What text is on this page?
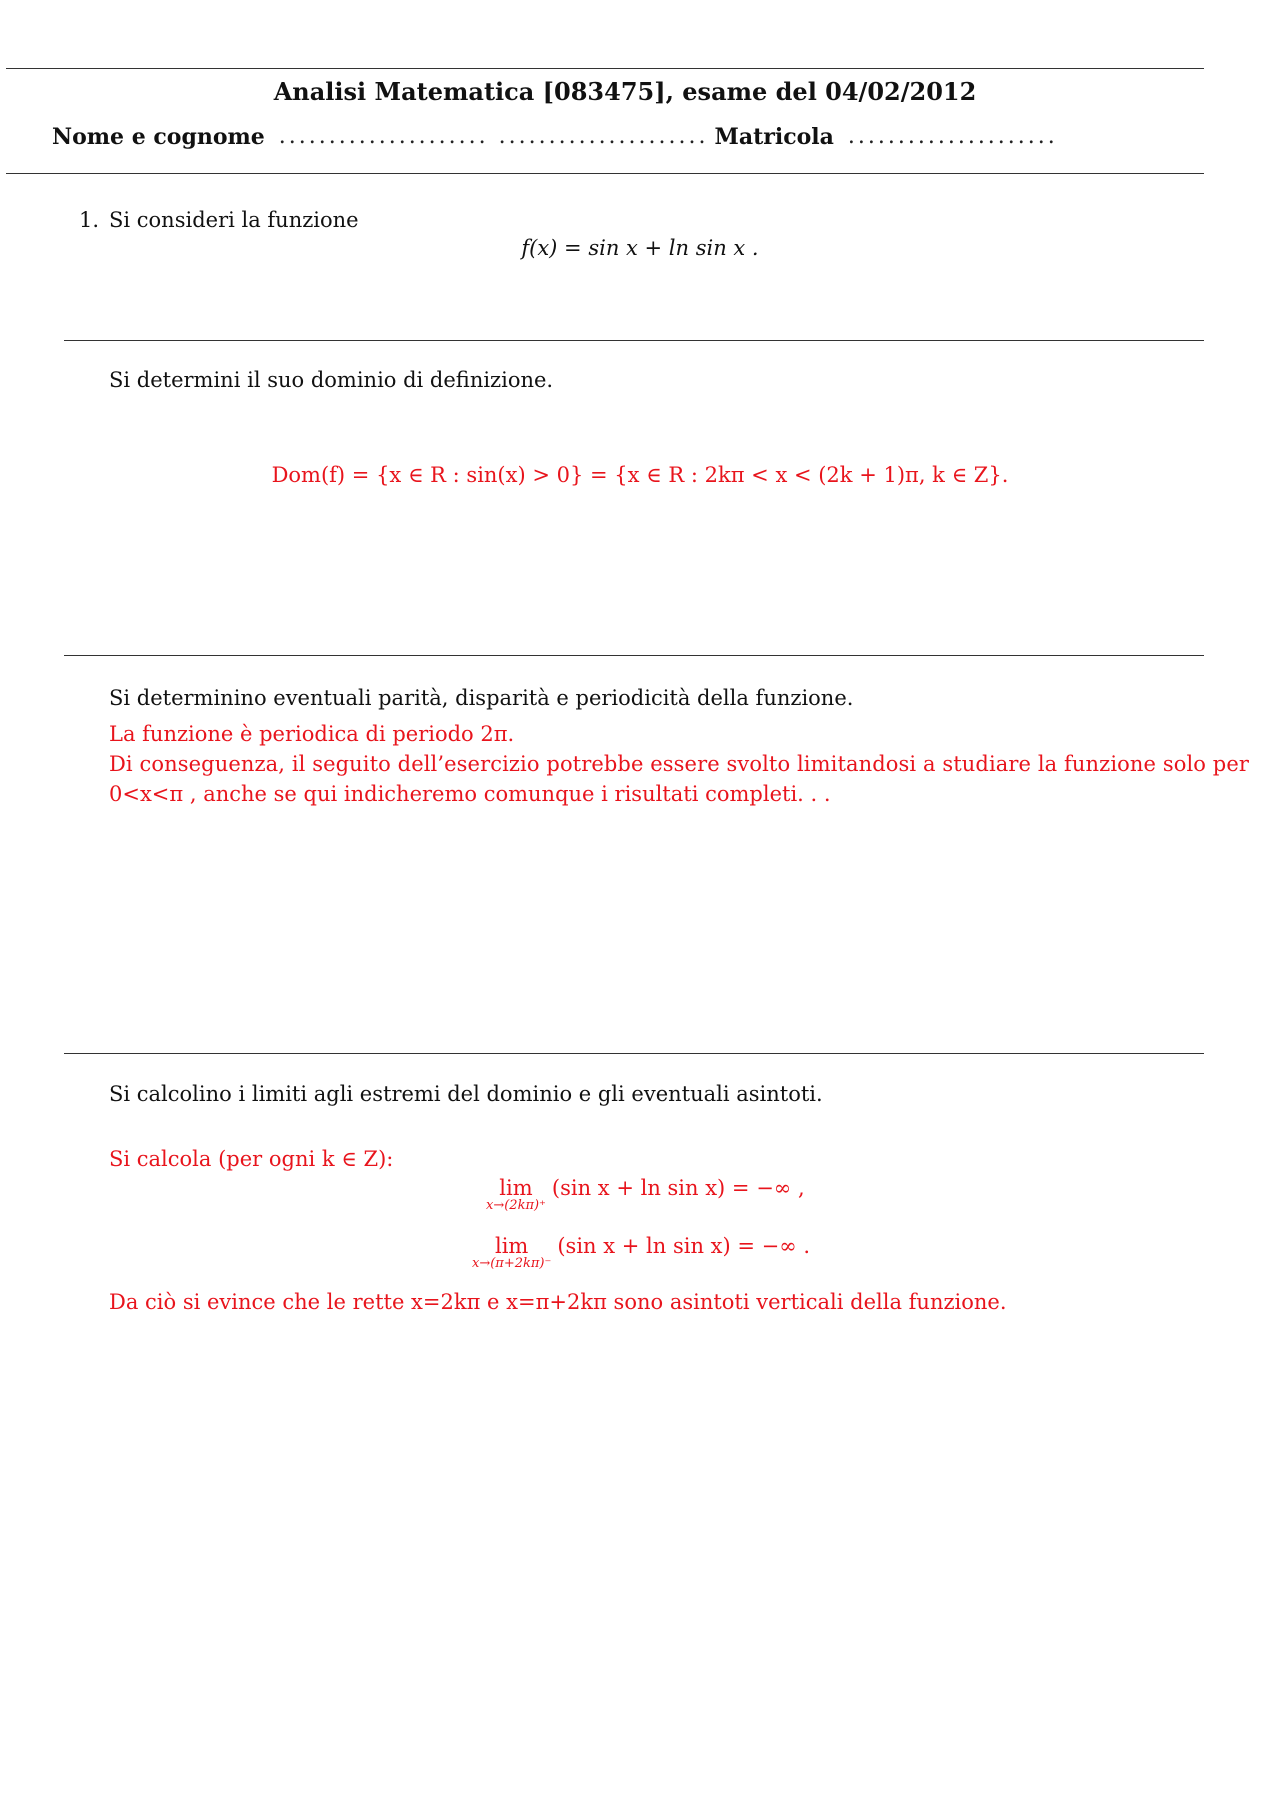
Analisi Matematica [083475], esame del 04/02/2012
Nome e cognome ..................... ..................... Matricola .....................
1. Si consideri la funzione
f(x) = sin x + ln sin x .
Si determini il suo dominio di definizione.
Dom(f) = {x ∈ R : sin(x) > 0} = {x ∈ R : 2kπ < x < (2k + 1)π, k ∈ Z}.
Si determinino eventuali parità, disparità e periodicità della funzione.
La funzione è periodica di periodo 2π.
Di conseguenza, il seguito dell’esercizio potrebbe essere svolto limitandosi a studiare la funzione solo per
0<x<π , anche se qui indicheremo comunque i risultati completi. . .
Si calcolino i limiti agli estremi del dominio e gli eventuali asintoti.
Si calcola (per ogni k ∈ Z):
lim
x→(2kπ)⁺
(sin x + ln sin x) = −∞ ,
lim
x→(π+2kπ)⁻
(sin x + ln sin x) = −∞ .
Da ciò si evince che le rette x=2kπ e x=π+2kπ sono asintoti verticali della funzione.
